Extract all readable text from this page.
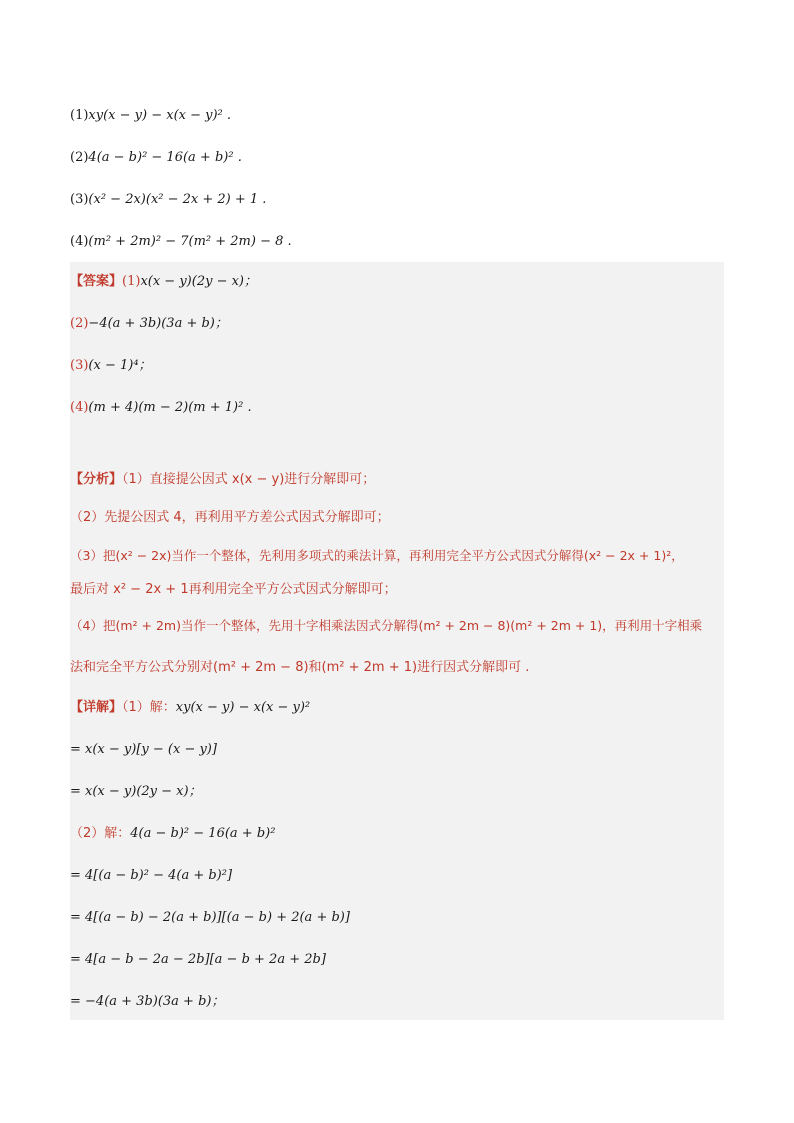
(1)xy(x − y) − x(x − y)² .
(2)4(a − b)² − 16(a + b)² .
(3)(x² − 2x)(x² − 2x + 2) + 1 .
(4)(m² + 2m)² − 7(m² + 2m) − 8 .
【答案】(1)x(x − y)(2y − x)；
(2)−4(a + 3b)(3a + b)；
(3)(x − 1)⁴；
(4)(m + 4)(m − 2)(m + 1)² .
【分析】（1）直接提公因式 x(x − y)进行分解即可；
（2）先提公因式 4，再利用平方差公式因式分解即可；
（3）把(x² − 2x)当作一个整体，先利用多项式的乘法计算，再利用完全平方公式因式分解得(x² − 2x + 1)²，
最后对 x² − 2x + 1再利用完全平方公式因式分解即可；
（4）把(m² + 2m)当作一个整体，先用十字相乘法因式分解得(m² + 2m − 8)(m² + 2m + 1)，再利用十字相乘
法和完全平方公式分别对(m² + 2m − 8)和(m² + 2m + 1)进行因式分解即可 .
【详解】（1）解：xy(x − y) − x(x − y)²
= x(x − y)[y − (x − y)]
= x(x − y)(2y − x)；
（2）解：4(a − b)² − 16(a + b)²
= 4[(a − b)² − 4(a + b)²]
= 4[(a − b) − 2(a + b)][(a − b) + 2(a + b)]
= 4[a − b − 2a − 2b][a − b + 2a + 2b]
= −4(a + 3b)(3a + b)；
